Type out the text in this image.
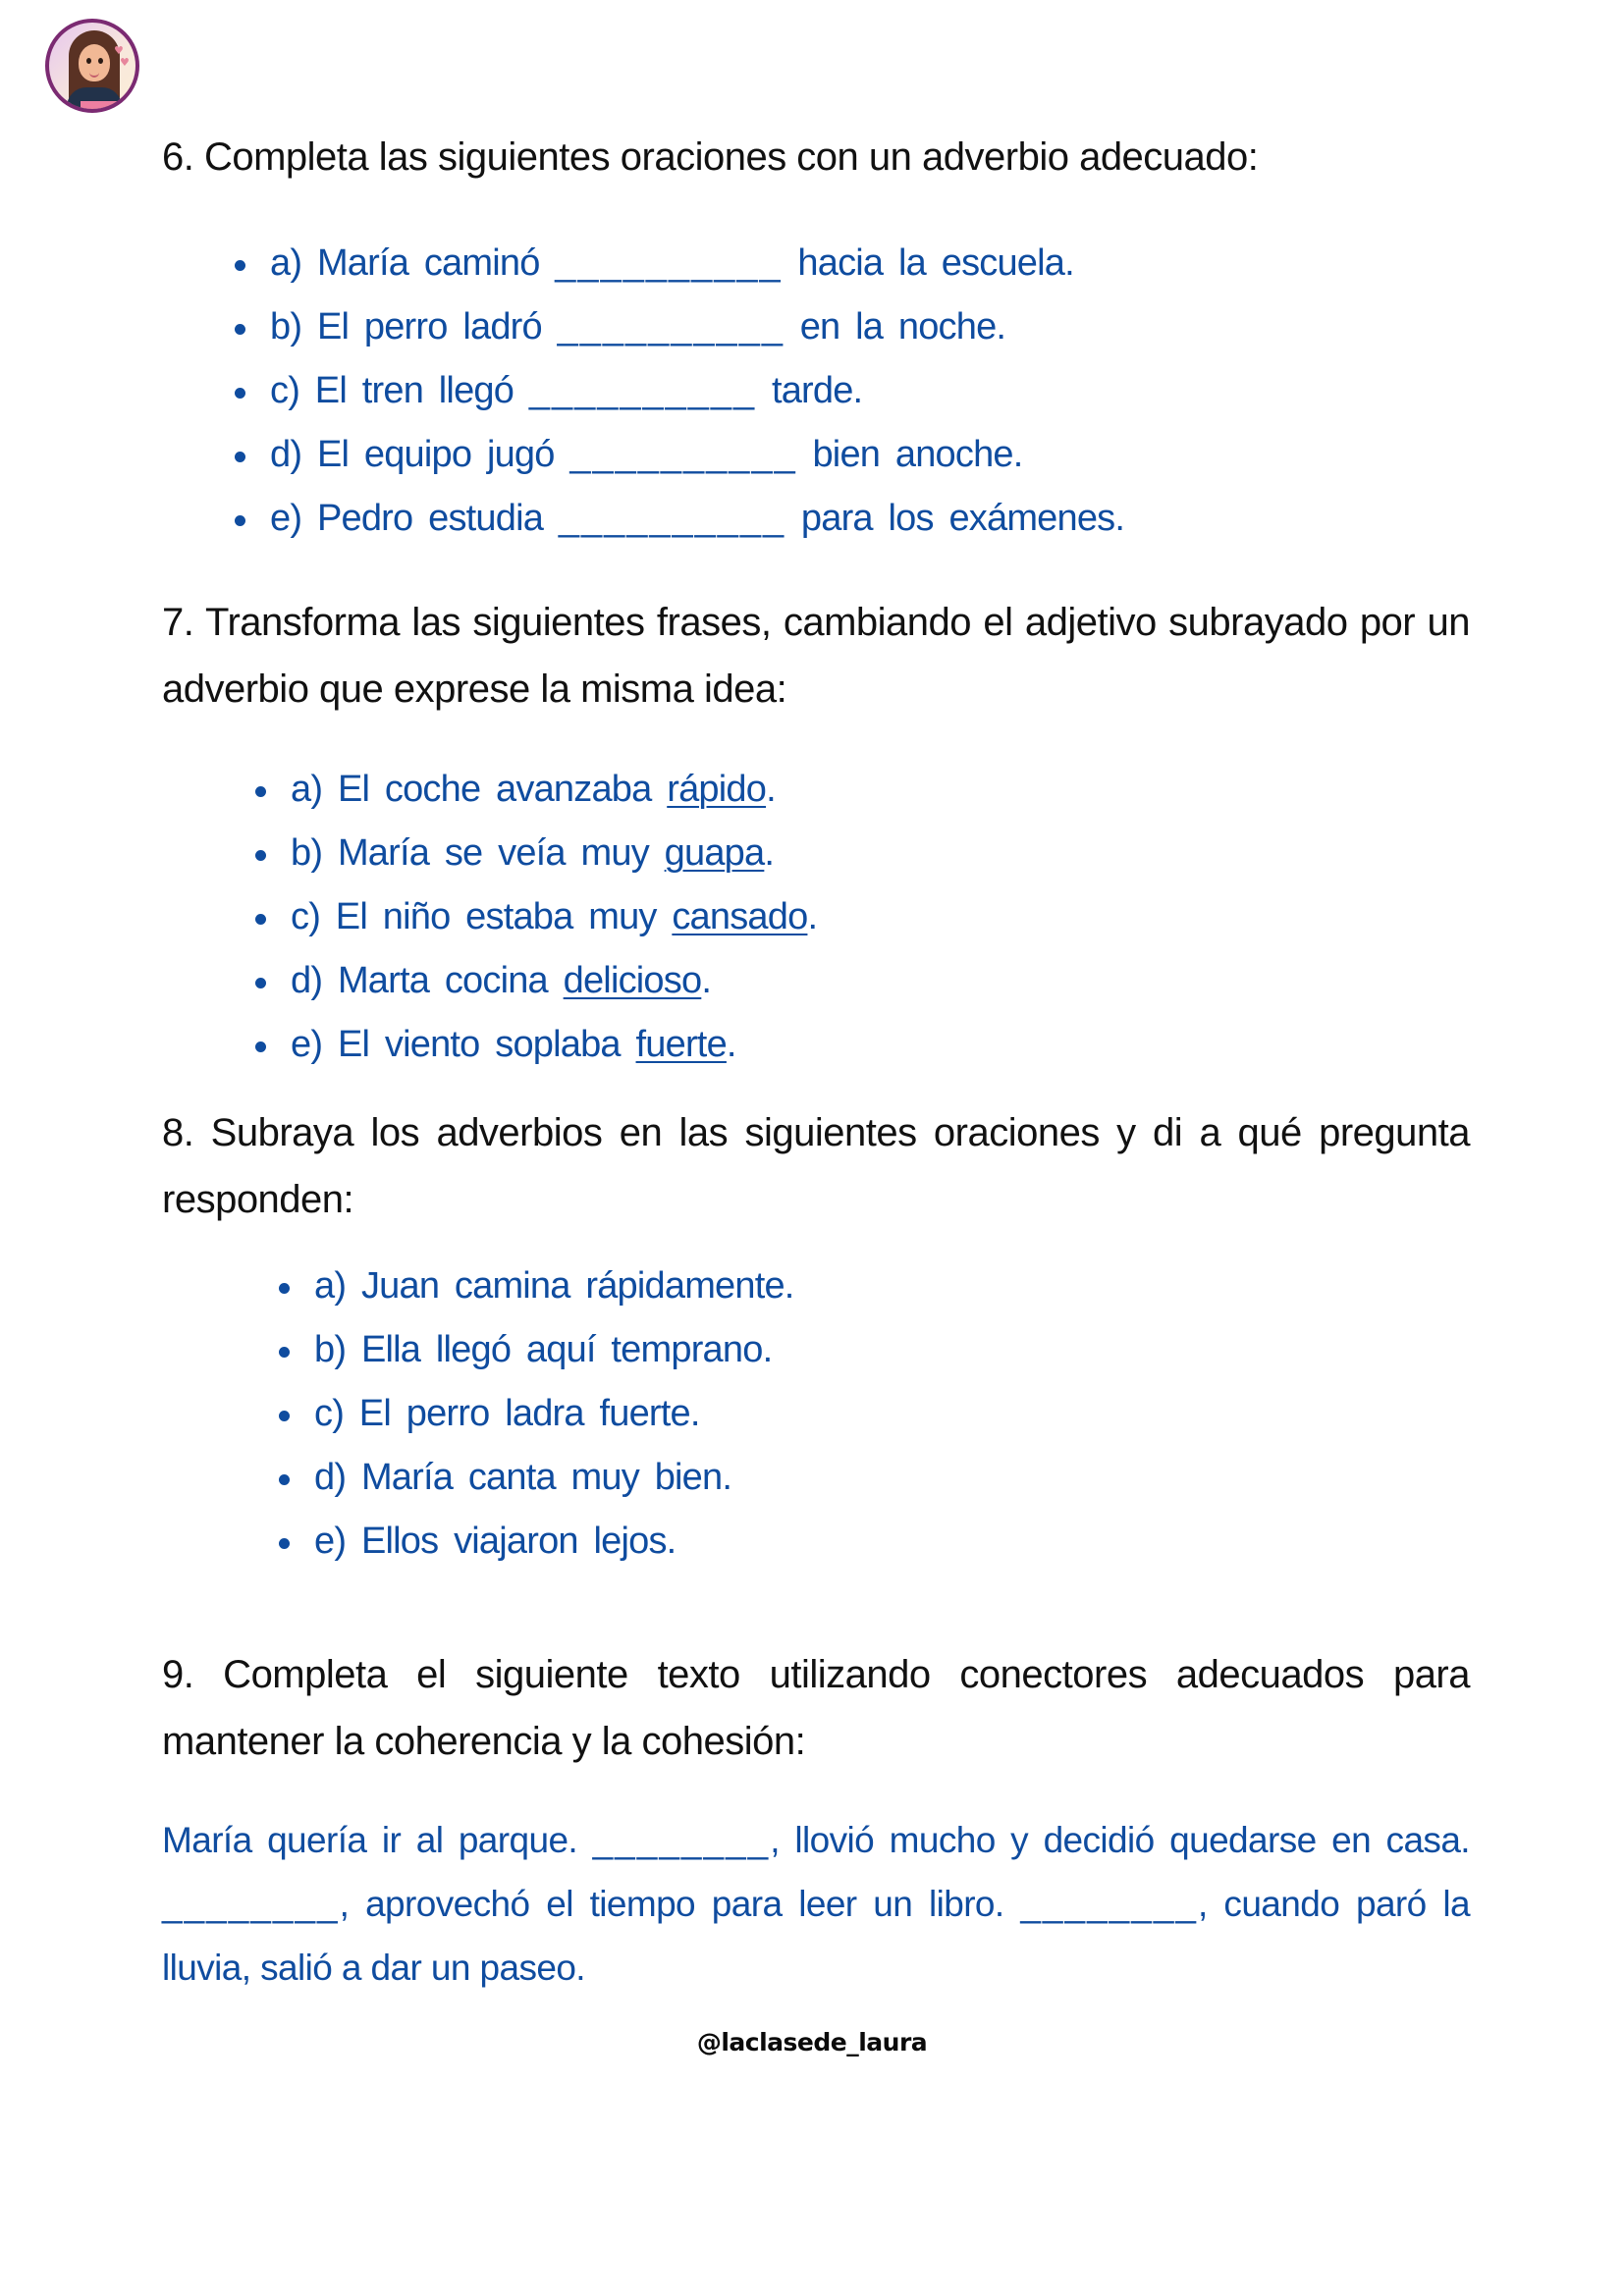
♥
♥
6. Completa las siguientes oraciones con un adverbio adecuado:
a) María caminó __________ hacia la escuela.
b) El perro ladró __________ en la noche.
c) El tren llegó __________ tarde.
d) El equipo jugó __________ bien anoche.
e) Pedro estudia __________ para los exámenes.
7. Transforma las siguientes frases, cambiando el adjetivo subrayado por un adverbio que exprese la misma idea:
a) El coche avanzaba rápido.
b) María se veía muy guapa.
c) El niño estaba muy cansado.
d) Marta cocina delicioso.
e) El viento soplaba fuerte.
8. Subraya los adverbios en las siguientes oraciones y di a qué pregunta responden:
a) Juan camina rápidamente.
b) Ella llegó aquí temprano.
c) El perro ladra fuerte.
d) María canta muy bien.
e) Ellos viajaron lejos.
9. Completa el siguiente texto utilizando conectores adecuados para mantener la coherencia y la cohesión:
María quería ir al parque. ________, llovió mucho y decidió quedarse en casa. ________, aprovechó el tiempo para leer un libro. ________, cuando paró la lluvia, salió a dar un paseo.
@laclasede_laura
